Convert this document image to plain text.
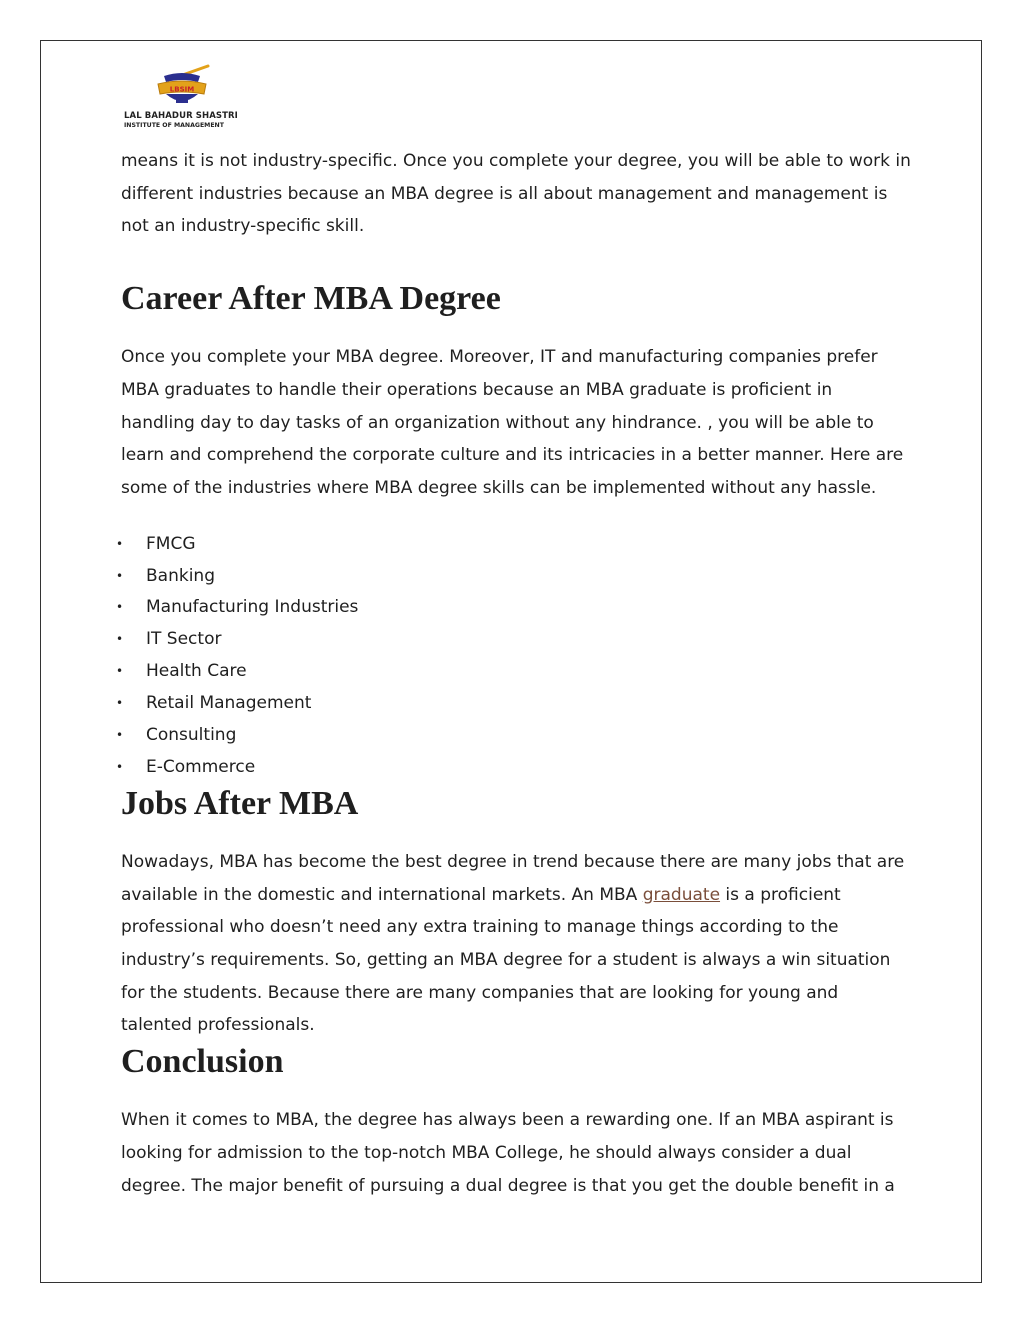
LBSIM
LAL BAHADUR SHASTRI
INSTITUTE OF MANAGEMENT

means it is not industry-specific. Once you complete your degree, you will be able to work in different industries because an MBA degree is all about management and management is not an industry-specific skill.

Career After MBA Degree

Once you complete your MBA degree. Moreover, IT and manufacturing companies prefer MBA graduates to handle their operations because an MBA graduate is proficient in handling day to day tasks of an organization without any hindrance. , you will be able to learn and comprehend the corporate culture and its intricacies in a better manner. Here are some of the industries where MBA degree skills can be implemented without any hassle.

• FMCG
• Banking
• Manufacturing Industries
• IT Sector
• Health Care
• Retail Management
• Consulting
• E-Commerce
Jobs After MBA

Nowadays, MBA has become the best degree in trend because there are many jobs that are available in the domestic and international markets. An MBA graduate is a proficient professional who doesn’t need any extra training to manage things according to the industry’s requirements. So, getting an MBA degree for a student is always a win situation for the students. Because there are many companies that are looking for young and talented professionals.

Conclusion

When it comes to MBA, the degree has always been a rewarding one. If an MBA aspirant is looking for admission to the top-notch MBA College, he should always consider a dual degree. The major benefit of pursuing a dual degree is that you get the double benefit in a
